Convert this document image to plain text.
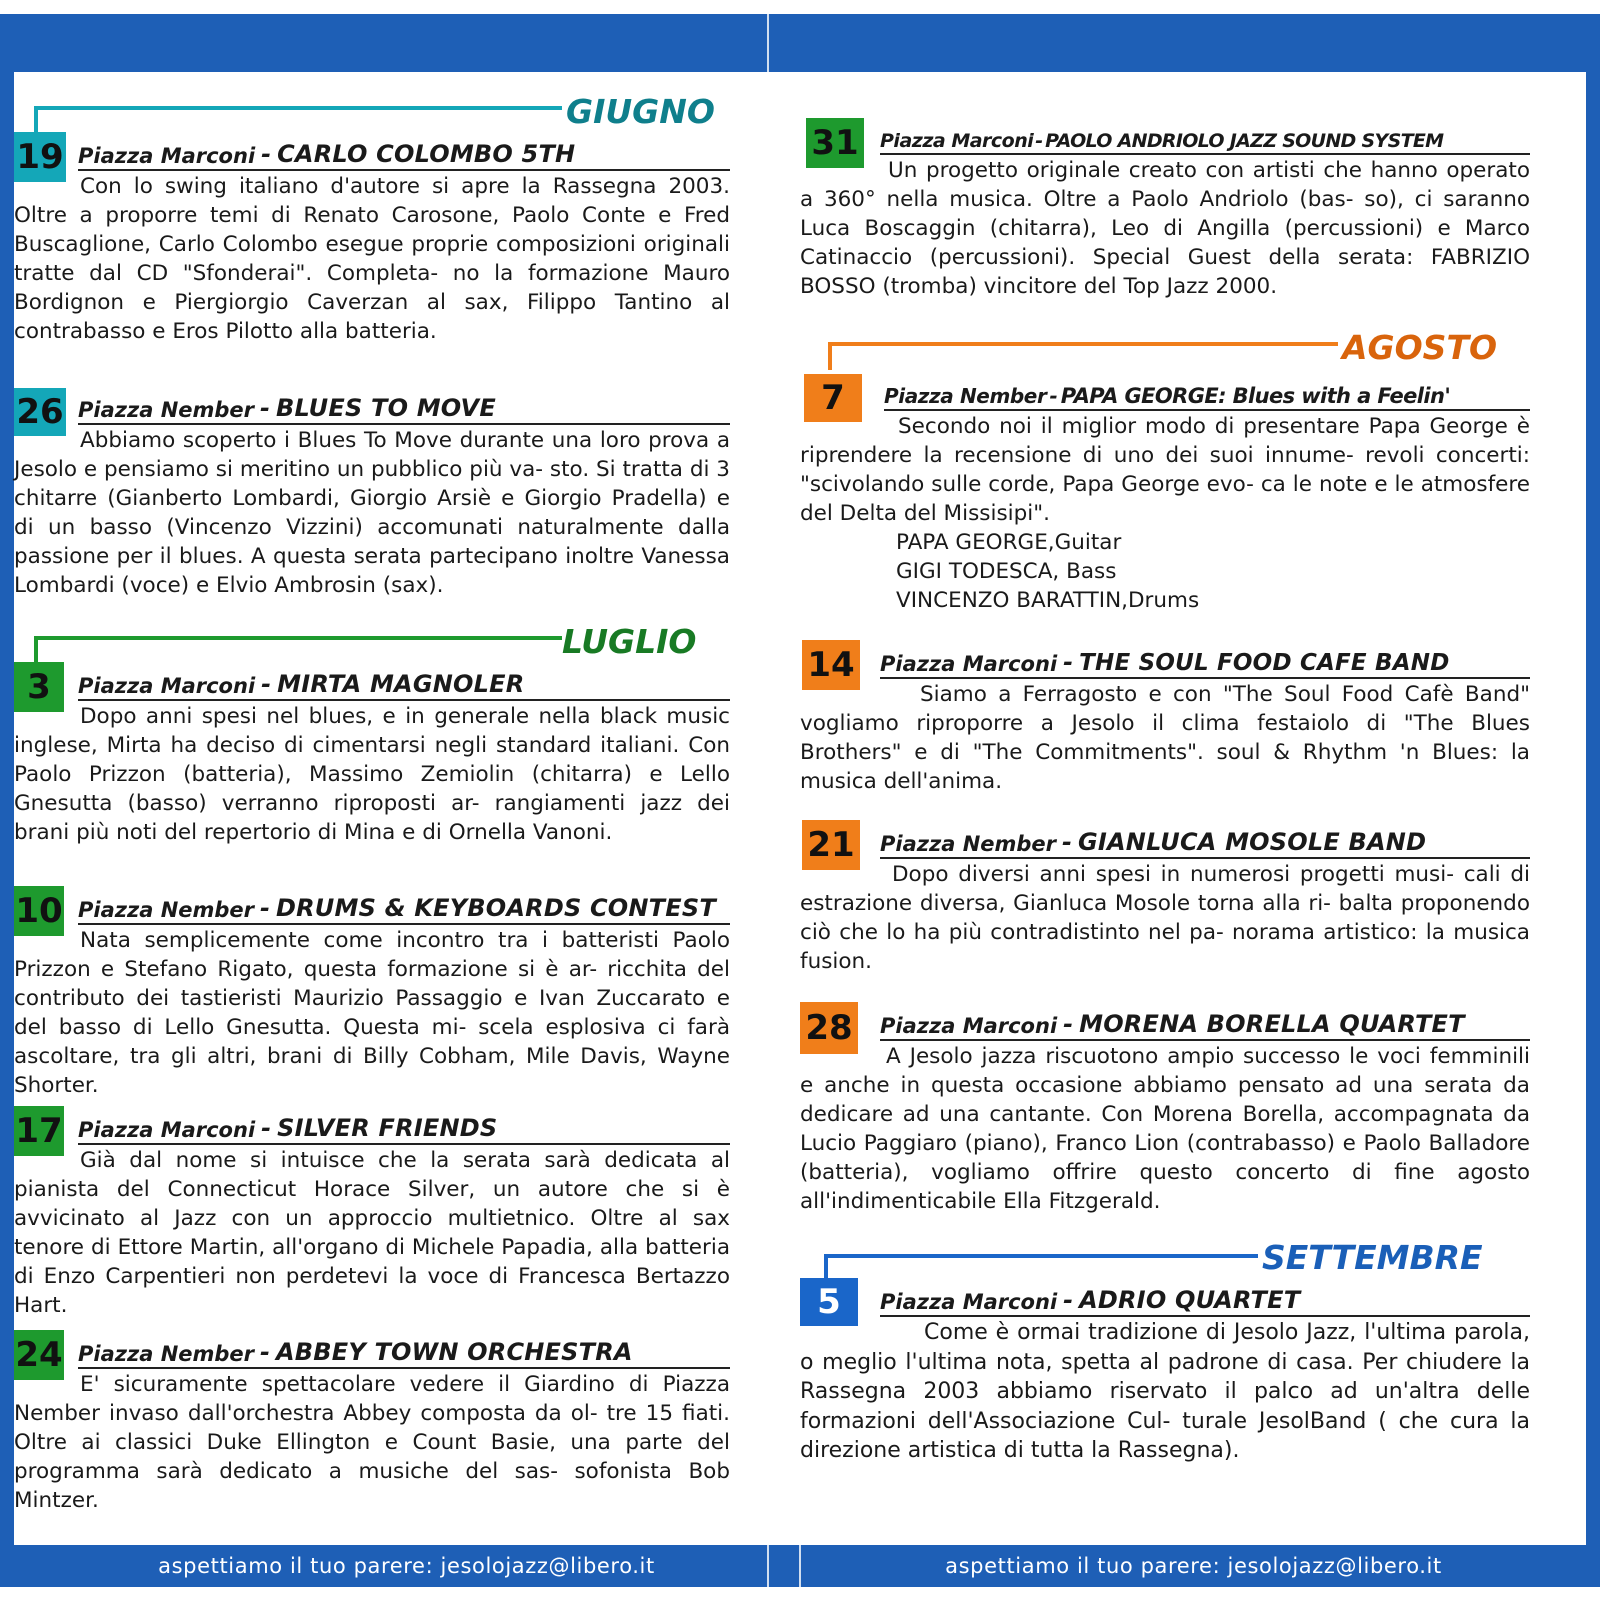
aspettiamo il tuo parere: jesolojazz@libero.it	aspettiamo il tuo parere: jesolojazz@libero.it
GIUGNO
19 Piazza Marconi - CARLO COLOMBO 5TH
Con lo swing italiano d'autore si apre la Rassegna 2003. Oltre a proporre temi di Renato Carosone, Paolo Conte e Fred Buscaglione, Carlo Colombo esegue proprie composizioni originali tratte dal CD "Sfonderai". Completa- no la formazione Mauro Bordignon e Piergiorgio Caverzan al sax, Filippo Tantino al contrabasso e Eros Pilotto alla batteria.
26 Piazza Nember - BLUES TO MOVE
Abbiamo scoperto i Blues To Move durante una loro prova a Jesolo e pensiamo si meritino un pubblico più va- sto. Si tratta di 3 chitarre (Gianberto Lombardi, Giorgio Arsiè e Giorgio Pradella) e di un basso (Vincenzo Vizzini) accomunati naturalmente dalla passione per il blues. A questa serata partecipano inoltre Vanessa Lombardi (voce) e Elvio Ambrosin (sax).
LUGLIO
3	Piazza Marconi - MIRTA MAGNOLER
Dopo anni spesi nel blues, e in generale nella black music inglese, Mirta ha deciso di cimentarsi negli standard italiani. Con Paolo Prizzon (batteria), Massimo Zemiolin (chitarra) e Lello Gnesutta (basso) verranno riproposti ar- rangiamenti jazz dei brani più noti del repertorio di Mina e di Ornella Vanoni.
10 Piazza Nember - DRUMS & KEYBOARDS CONTEST
Nata semplicemente come incontro tra i batteristi Paolo Prizzon e Stefano Rigato, questa formazione si è ar- ricchita del contributo dei tastieristi Maurizio Passaggio e Ivan Zuccarato e del basso di Lello Gnesutta. Questa mi- scela esplosiva ci farà ascoltare, tra gli altri, brani di Billy Cobham, Mile Davis, Wayne Shorter.
17 Piazza Marconi - SILVER FRIENDS
Già dal nome si intuisce che la serata sarà dedicata al pianista del Connecticut Horace Silver, un autore che si è avvicinato al Jazz con un approccio multietnico. Oltre al sax tenore di Ettore Martin, all'organo di Michele Papadia, alla batteria di Enzo Carpentieri non perdetevi la voce di Francesca Bertazzo Hart.
24 Piazza Nember - ABBEY TOWN ORCHESTRA
E' sicuramente spettacolare vedere il Giardino di Piazza Nember invaso dall'orchestra Abbey composta da ol- tre 15 fiati. Oltre ai classici Duke Ellington e Count Basie, una parte del programma sarà dedicato a musiche del sas- sofonista Bob Mintzer.
31 Piazza Marconi - PAOLO ANDRIOLO JAZZ SOUND SYSTEM
Un progetto originale creato con artisti che hanno operato a 360° nella musica. Oltre a Paolo Andriolo (bas- so), ci saranno Luca Boscaggin (chitarra), Leo di Angilla (percussioni) e Marco Catinaccio (percussioni). Special Guest della serata: FABRIZIO BOSSO (tromba) vincitore del Top Jazz 2000.
AGOSTO
7	Piazza Nember - PAPA GEORGE: Blues with a Feelin'
Secondo noi il miglior modo di presentare Papa George è riprendere la recensione di uno dei suoi innume- revoli concerti: "scivolando sulle corde, Papa George evo- ca le note e le atmosfere del Delta del Missisipi".
PAPA GEORGE,Guitar
GIGI TODESCA, Bass
VINCENZO BARATTIN,Drums
14 Piazza Marconi - THE SOUL FOOD CAFE BAND
Siamo a Ferragosto e con "The Soul Food Cafè Band" vogliamo riproporre a Jesolo il clima festaiolo di "The Blues Brothers" e di "The Commitments". soul & Rhythm 'n Blues: la musica dell'anima.
21 Piazza Nember - GIANLUCA MOSOLE BAND
Dopo diversi anni spesi in numerosi progetti musi- cali di estrazione diversa, Gianluca Mosole torna alla ri- balta proponendo ciò che lo ha più contradistinto nel pa- norama artistico: la musica fusion.
28 Piazza Marconi - MORENA BORELLA QUARTET
A Jesolo jazza riscuotono ampio successo le voci femminili e anche in questa occasione abbiamo pensato ad una serata da dedicare ad una cantante. Con Morena Borella, accompagnata da Lucio Paggiaro (piano), Franco Lion (contrabasso) e Paolo Balladore (batteria), vogliamo offrire questo concerto di fine agosto all'indimenticabile Ella Fitzgerald.
SETTEMBRE
5	Piazza Marconi - ADRIO QUARTET
Come è ormai tradizione di Jesolo Jazz, l'ultima parola, o meglio l'ultima nota, spetta al padrone di casa. Per chiudere la Rassegna 2003 abbiamo riservato il palco ad un'altra delle formazioni dell'Associazione Cul- turale JesolBand ( che cura la direzione artistica di tutta la Rassegna).
